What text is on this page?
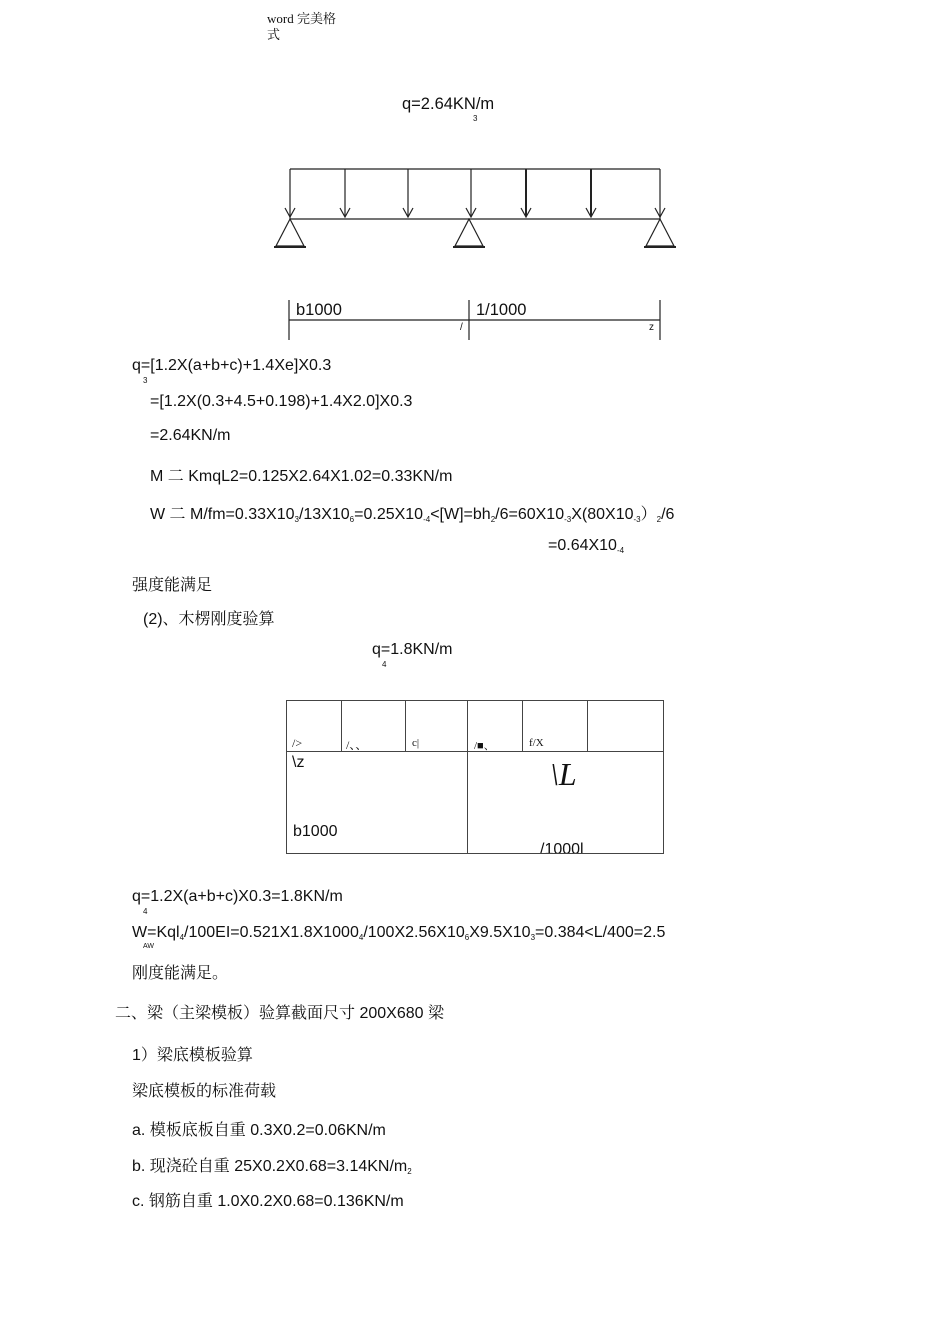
word 完美格
式
q=2.64KN/m
3
b1000	1/1000
/	z
q=[1.2X(a+b+c)+1.4Xe]X0.3
3
=[1.2X(0.3+4.5+0.198)+1.4X2.0]X0.3
=2.64KN/m
M 二 KmqL2=0.125X2.64X1.02=0.33KN/m
W 二 M/fm=0.33X103/13X106=0.25X10-4<[W]=bh2/6=60X10-3X(80X10-3）2/6
=0.64X10-4
强度能满足
(2)、木楞刚度验算
q=1.8KN/m
4
/>	/、、	c|	/■、	f/X
\z	\L
b1000
/1000l
q=1.2X(a+b+c)X0.3=1.8KN/m
4
W=Kql4/100EI=0.521X1.8X10004/100X2.56X106X9.5X103=0.384<L/400=2.5
AW
刚度能满足。
二、梁（主梁模板）验算截面尺寸 200X680 梁
1）梁底模板验算
梁底模板的标准荷载
a. 模板底板自重 0.3X0.2=0.06KN/m
b. 现浇砼自重 25X0.2X0.68=3.14KN/m2
c. 钢筋自重 1.0X0.2X0.68=0.136KN/m
